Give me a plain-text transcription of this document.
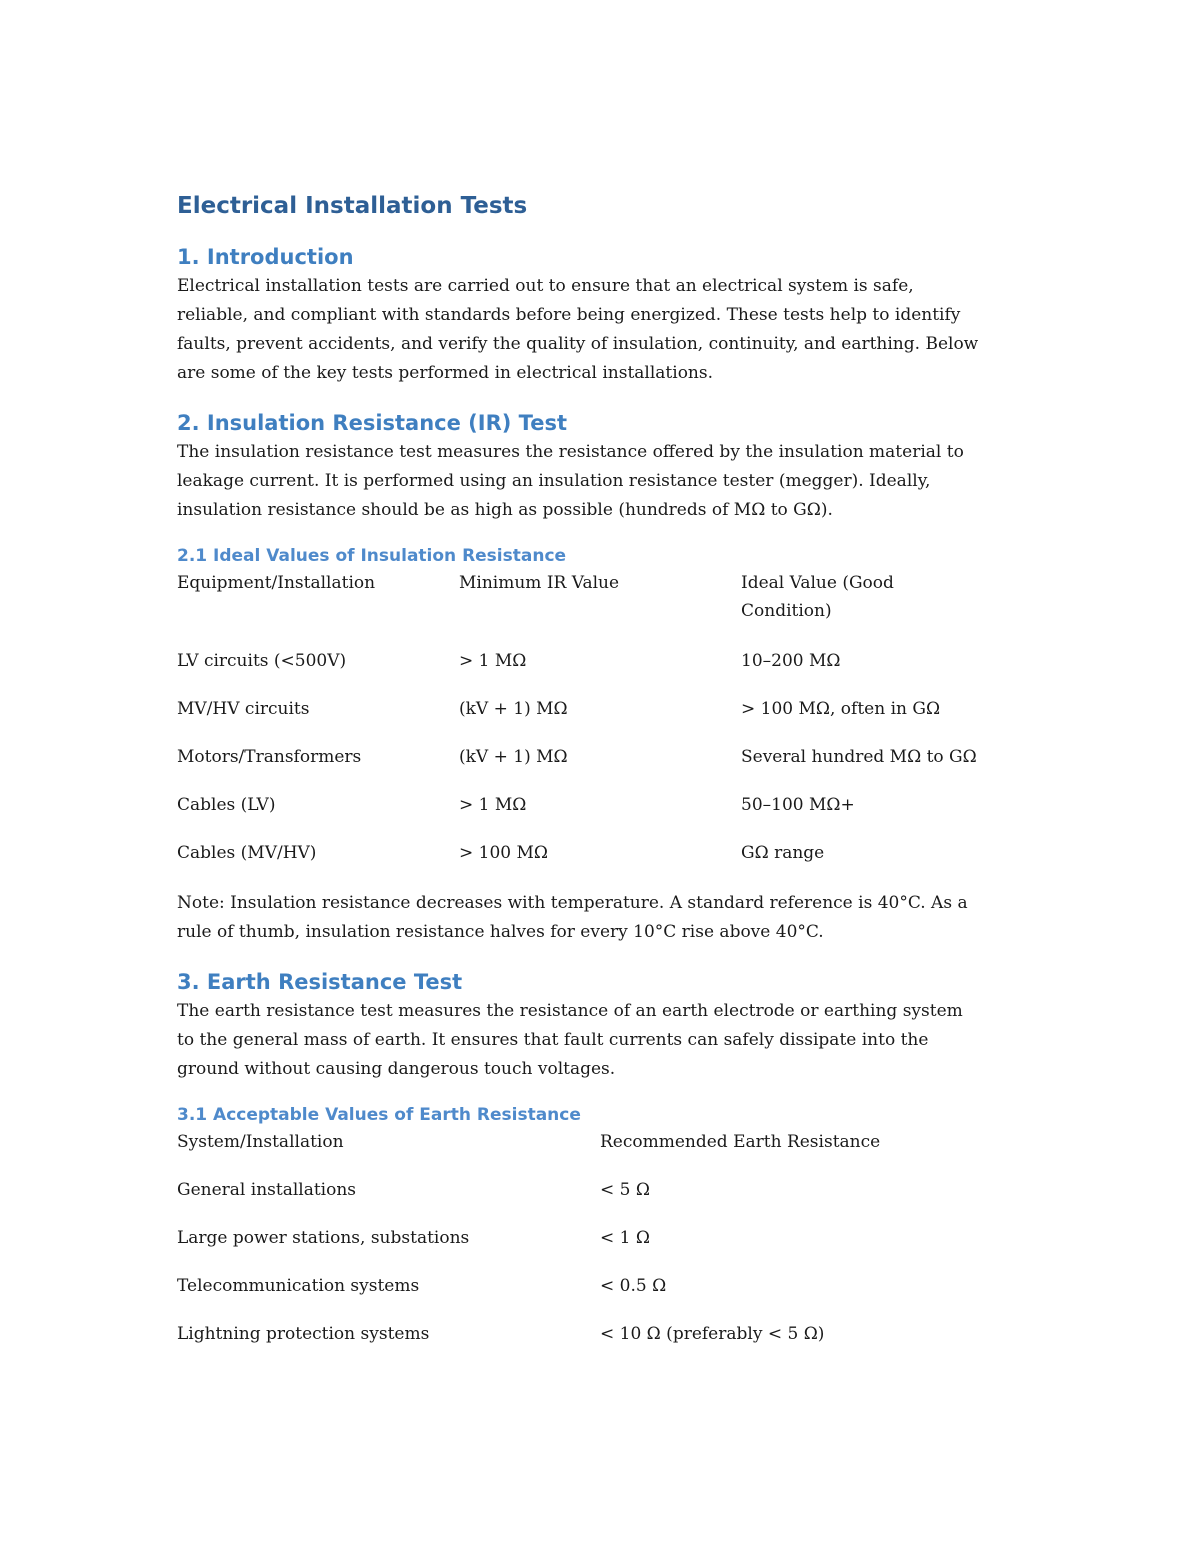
Electrical Installation Tests
1. Introduction
Electrical installation tests are carried out to ensure that an electrical system is safe,
reliable, and compliant with standards before being energized. These tests help to identify
faults, prevent accidents, and verify the quality of insulation, continuity, and earthing. Below
are some of the key tests performed in electrical installations.
2. Insulation Resistance (IR) Test
The insulation resistance test measures the resistance offered by the insulation material to
leakage current. It is performed using an insulation resistance tester (megger). Ideally,
insulation resistance should be as high as possible (hundreds of MΩ to GΩ).
2.1 Ideal Values of Insulation Resistance
Equipment/Installation	Minimum IR Value	Ideal Value (Good
Condition)

LV circuits (<500V)	> 1 MΩ	10–200 MΩ
MV/HV circuits	(kV + 1) MΩ	> 100 MΩ, often in GΩ
Motors/Transformers	(kV + 1) MΩ	Several hundred MΩ to GΩ
Cables (LV)	> 1 MΩ	50–100 MΩ+
Cables (MV/HV)	> 100 MΩ	GΩ range
Note: Insulation resistance decreases with temperature. A standard reference is 40°C. As a
rule of thumb, insulation resistance halves for every 10°C rise above 40°C.
3. Earth Resistance Test
The earth resistance test measures the resistance of an earth electrode or earthing system
to the general mass of earth. It ensures that fault currents can safely dissipate into the
ground without causing dangerous touch voltages.
3.1 Acceptable Values of Earth Resistance
System/Installation	Recommended Earth Resistance
General installations	< 5 Ω
Large power stations, substations	< 1 Ω
Telecommunication systems	< 0.5 Ω
Lightning protection systems	< 10 Ω (preferably < 5 Ω)
